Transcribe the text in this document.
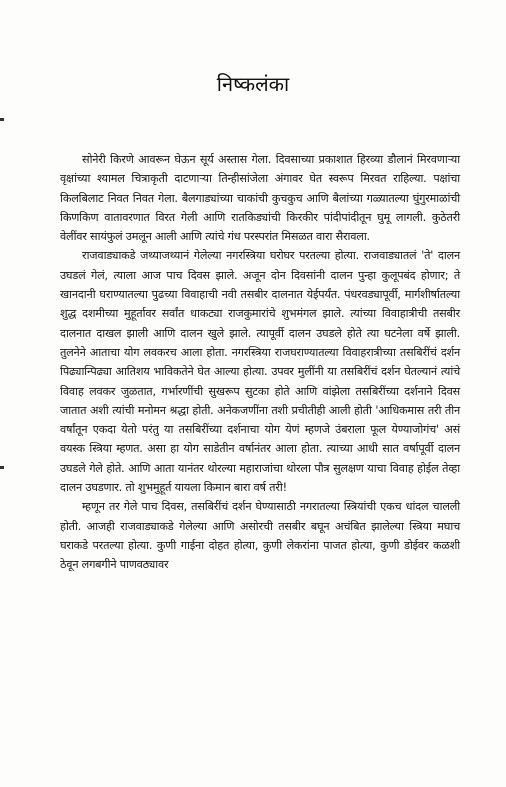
निष्कलंका

सोनेरी किरणे आवरून घेऊन सूर्य अस्तास गेला. दिवसाच्या प्रकाशात हिरव्या डौलानं मिरवणाऱ्या वृक्षांच्या श्यामल चित्राकृती दाटणाऱ्या तिन्हीसांजेला अंगावर घेत स्वरूप मिरवत राहिल्या. पक्षांचा किलबिलाट निवत निवत गेला. बैलगाड्यांच्या चाकांची कुचकुच आणि बैलांच्या गळ्यातल्या घुंगुरमाळांची किणकिण वातावरणात विरत गेली आणि रातकिड्यांची किरकीर पांदीपांदीतून घुमू लागली. कुठेतरी वेलींवर सायंफुलं उमलून आली आणि त्यांचे गंध परस्परांत मिसळत वारा सैरावला.

राजवाड्याकडे जथ्याजथ्यानं गेलेल्या नगरस्त्रिया घरोघर परतल्या होत्या. राजवाड्यातलं 'ते' दालन उघडलं गेलं, त्याला आज पाच दिवस झाले. अजून दोन दिवसांनी दालन पुन्हा कुलूपबंद होणार; ते खानदानी घराण्यातल्या पुढच्या विवाहाची नवी तसबीर दालनात येईपर्यंत. पंधरवड्यापूर्वी, मार्गशीर्षातल्या शुद्ध दशमीच्या मुहूर्तावर सर्वांत धाकट्या राजकुमारांचे शुभमंगल झाले. त्यांच्या विवाहात्रीची तसबीर दालनात दाखल झाली आणि दालन खुले झाले. त्यापूर्वी दालन उघडले होते त्या घटनेला वर्षे झाली. तुलनेने आताचा योग लवकरच आला होता. नगरस्त्रिया राजघराण्यातल्या विवाहरात्रीच्या तसबिरींचं दर्शन पिढ्यान्पिढ्या आतिशय भाविकतेने घेत आल्या होत्या. उपवर मुलींनी या तसबिरींचं दर्शन घेतल्यानं त्यांचे विवाह लवकर जुळतात, गर्भारणींची सुखरूप सुटका होते आणि वांझेला तसबिरींच्या दर्शनाने दिवस जातात अशी त्यांची मनोमन श्रद्धा होती. अनेकजणींना तशी प्रचीतीही आली होती 'आधिकमास तरी तीन वर्षांतून एकदा येतो परंतु या तसबिरींच्या दर्शनाचा योग येणं म्हणजे उंबराला फूल येण्याजोगंच' असं वयस्क स्त्रिया म्हणत. असा हा योग साडेतीन वर्षानंतर आला होता. त्याच्या आधी सात वर्षापूर्वी दालन उघडले गेले होते. आणि आता यानंतर थोरल्या महाराजांचा थोरला पौत्र सुलक्षण याचा विवाह होईल तेव्हा दालन उघडणार. तो शुभमुहूर्त यायला किमान बारा वर्ष तरी!

म्हणून तर गेले पाच दिवस, तसबिरींचं दर्शन घेण्यासाठी नगरातल्या स्त्रियांची एकच धांदल चालली होती. आजही राजवाड्याकडे गेलेल्या आणि असोरची तसबीर बघून अचंबित झालेल्या स्त्रिया मघाच घराकडे परतल्या होत्या. कुणी गाईना दोहत होत्या, कुणी लेकरांना पाजत होत्या, कुणी डोईवर कळशी ठेवून लगबगीने पाणवठ्यावर
